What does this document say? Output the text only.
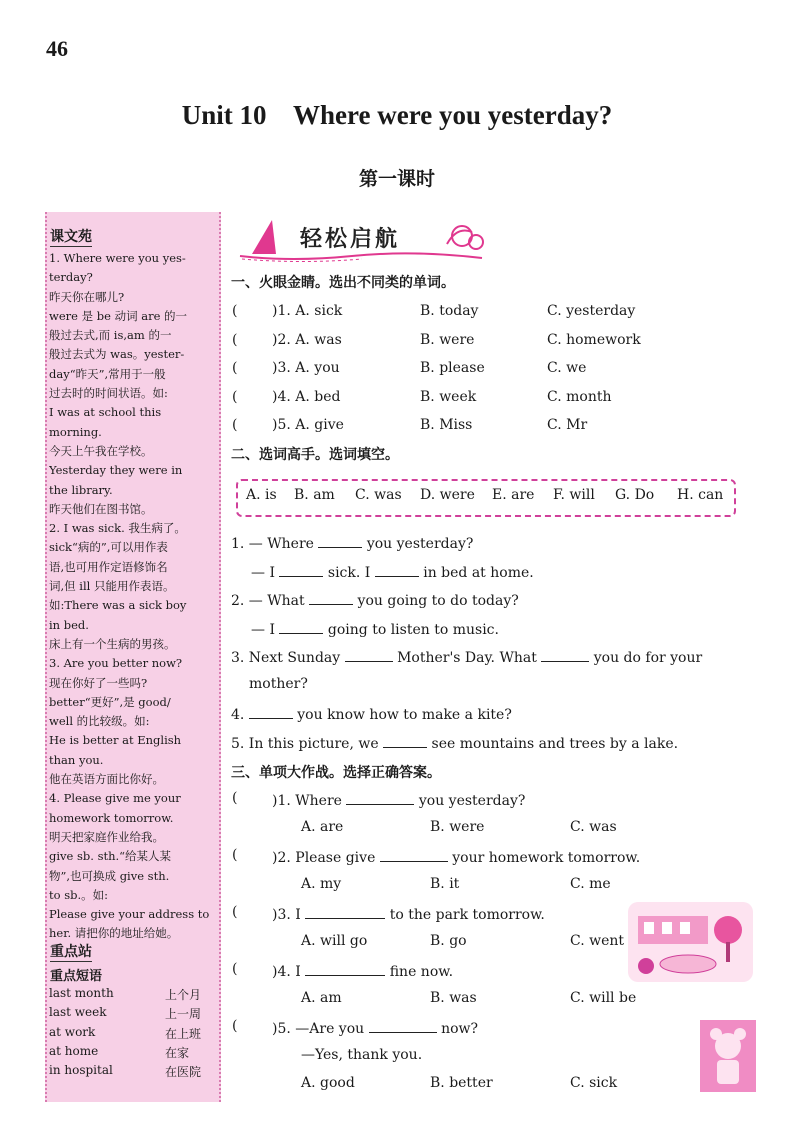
46
Unit 10    Where were you yesterday?
第一课时
课文苑
1. Where were you yes-
terday?
昨天你在哪儿?
were 是 be 动词 are 的一
般过去式,而 is,am 的一
般过去式为 was。yester-
day“昨天”,常用于一般
过去时的时间状语。如:
I was at school this
morning.
今天上午我在学校。
Yesterday they were in
the library.
昨天他们在图书馆。
2. I was sick. 我生病了。
sick“病的”,可以用作表
语,也可用作定语修饰名
词,但 ill 只能用作表语。
如:There was a sick boy
in bed.
床上有一个生病的男孩。
3. Are you better now?
现在你好了一些吗?
better“更好”,是 good/
well 的比较级。如:
He is better at English
than you.
他在英语方面比你好。
4. Please give me your
homework tomorrow.
明天把家庭作业给我。
give sb. sth.“给某人某
物”,也可换成 give sth.
to sb.。如:
Please give your address to
her. 请把你的地址给她。
重点站
重点短语
last month	上个月
last week	上一周
at work	在上班
at home	在家
in hospital	在医院
轻松启航
一、火眼金睛。选出不同类的单词。
( )1. A. sick	B. today	C. yesterday
( )2. A. was	B. were	C. homework
( )3. A. you	B. please	C. we
( )4. A. bed	B. week	C. month
( )5. A. give	B. Miss	C. Mr
二、选词高手。选词填空。
A. is B. am C. was D. were E. are F. will G. Do H. can
1. — Where	you yesterday?
— I	sick. I	in bed at home.
2. — What	you going to do today?
— I	going to listen to music.
3. Next Sunday	Mother's Day. What	you do for your
mother?
4.	you know how to make a kite?
5. In this picture, we	see mountains and trees by a lake.
三、单项大作战。选择正确答案。
( )1. Where	you yesterday?
A. are	B. were	C. was
( )2. Please give	your homework tomorrow.
A. my	B. it	C. me
( )3. I	to the park tomorrow.
A. will go	B. go	C. went
( )4. I	fine now.
A. am	B. was	C. will be
( )5. —Are you	now?
—Yes, thank you.
A. good	B. better	C. sick
